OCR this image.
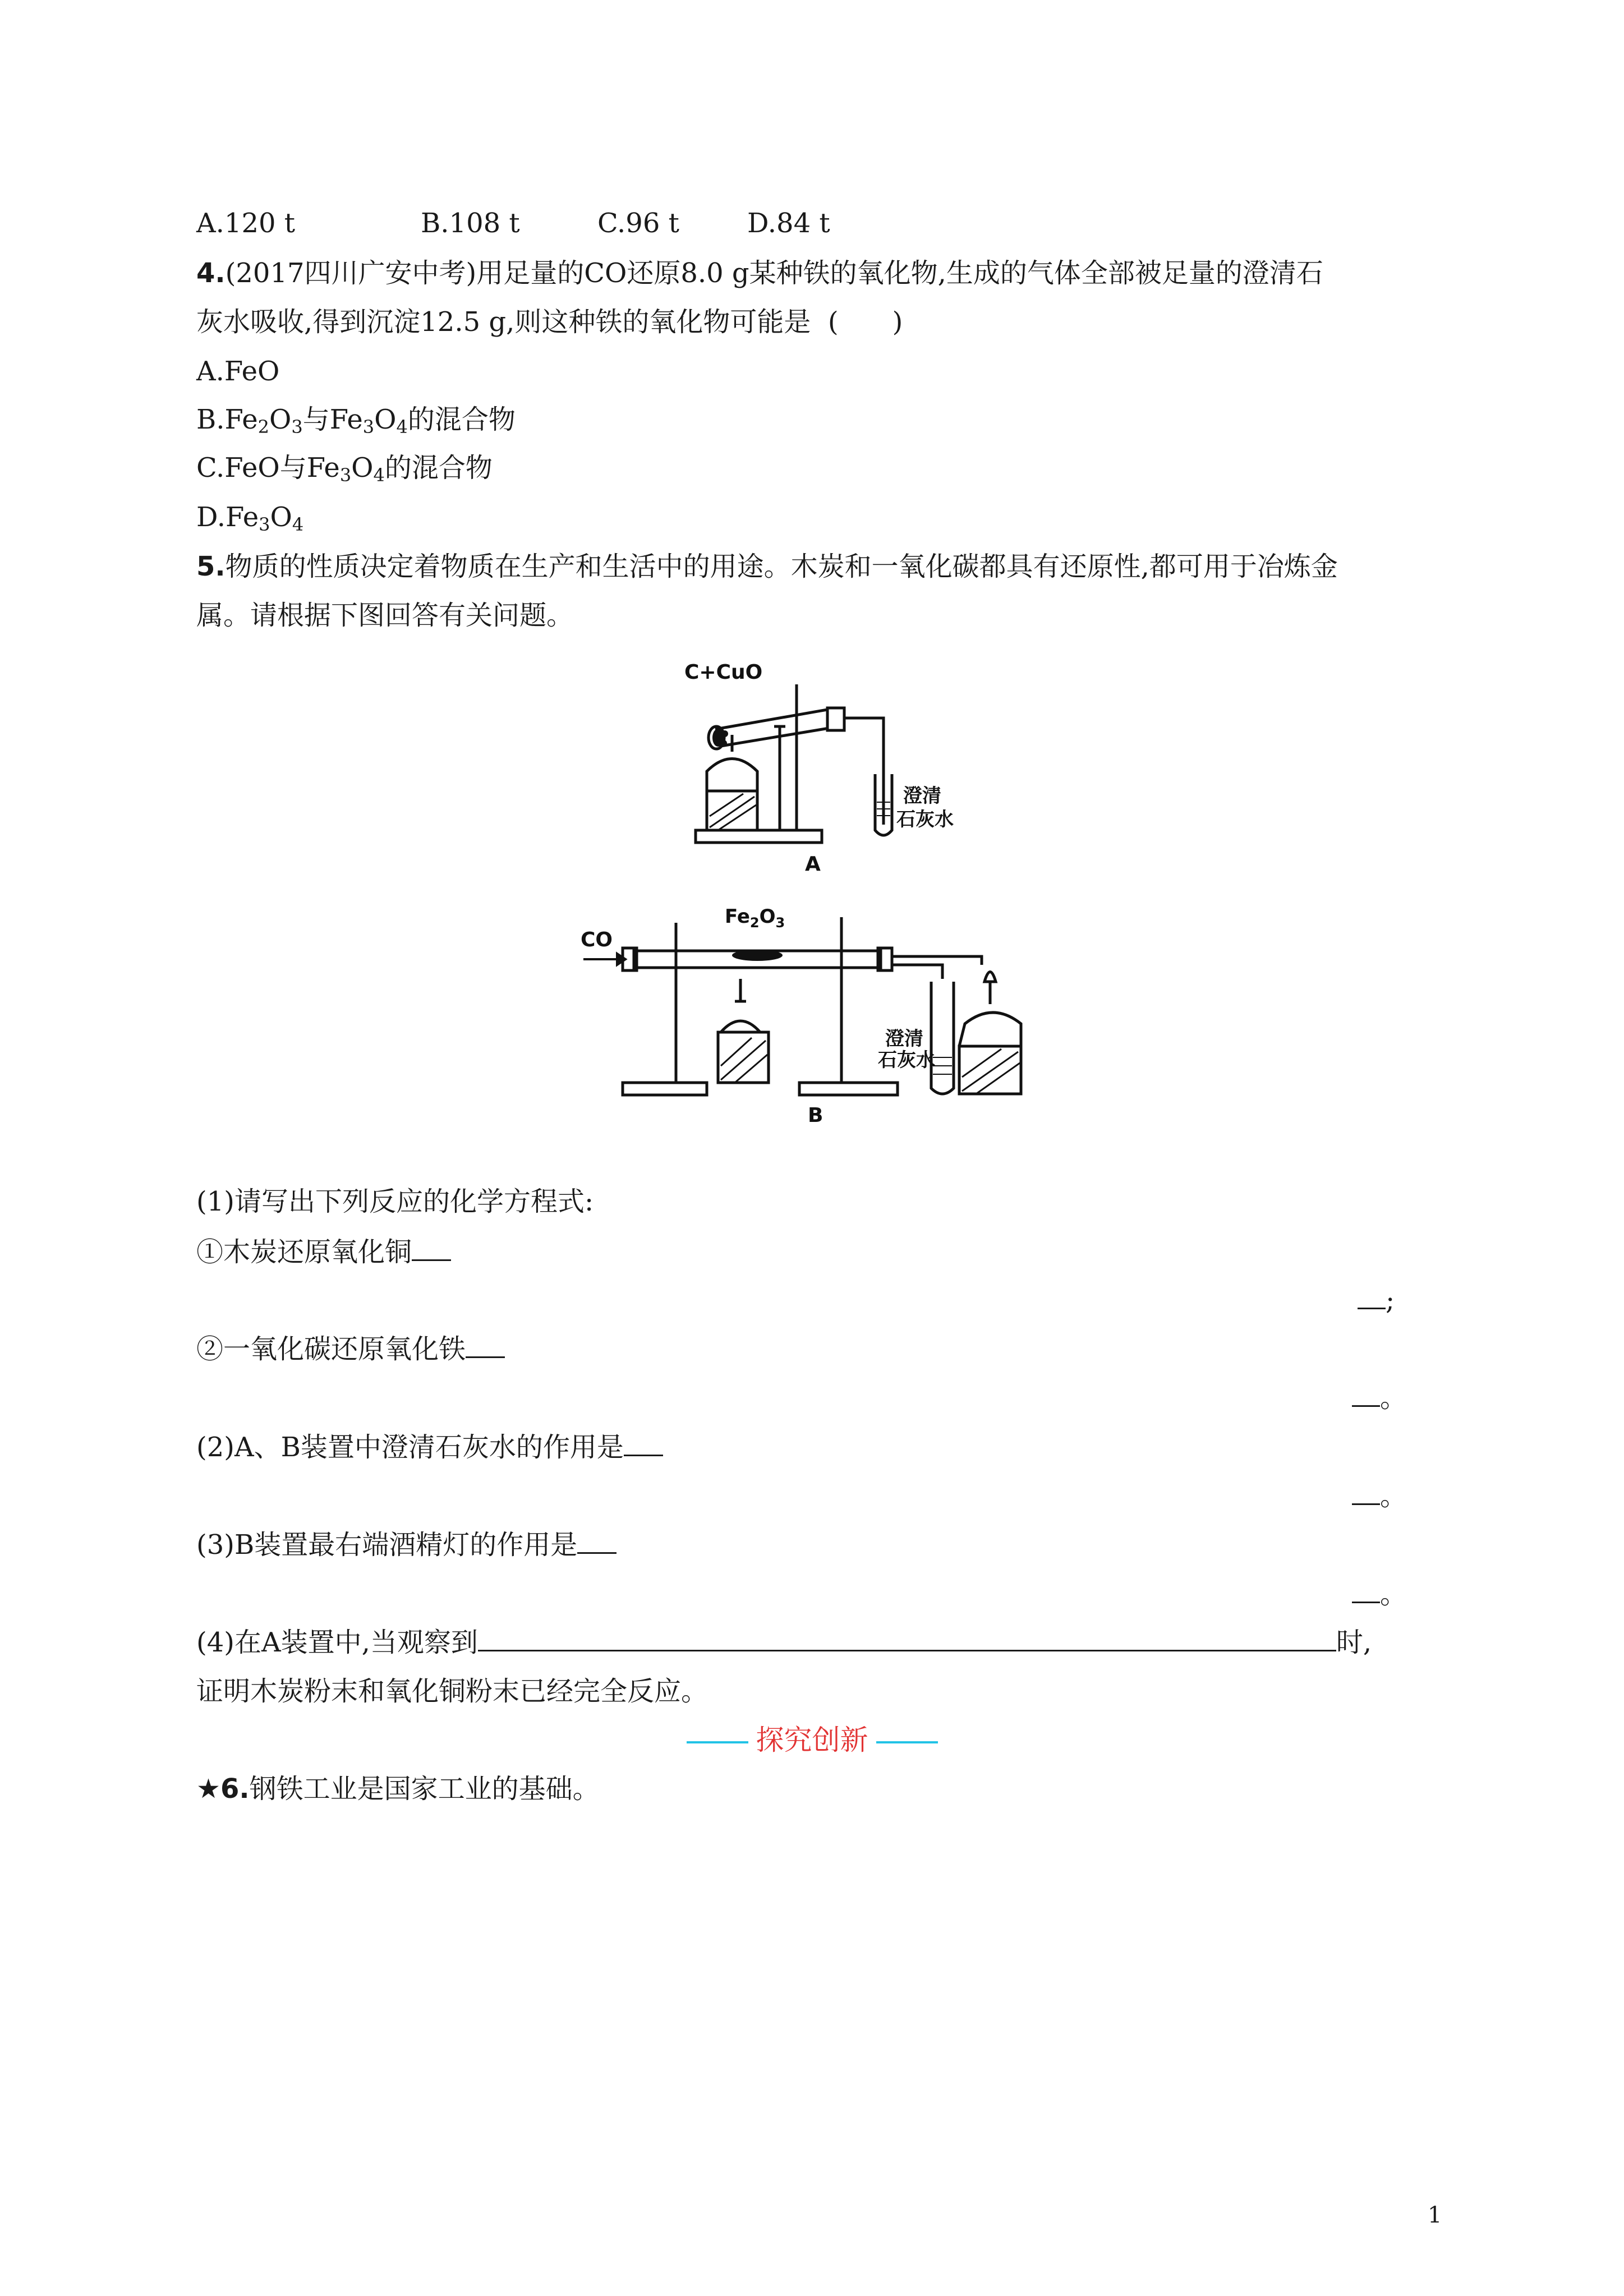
A.120 t	B.108 t	C.96 t	D.84 t
4.(2017四川广安中考)用足量的CO还原8.0 g某种铁的氧化物,生成的气体全部被足量的澄清石
灰水吸收,得到沉淀12.5 g,则这种铁的氧化物可能是 (　　)
A.FeO
$B.Fe_2O_3$与$Fe_3O_4$的混合物
C.FeO与$Fe_3O_4$的混合物
$D.Fe_3O_4$
5.物质的性质决定着物质在生产和生活中的用途。木炭和一氧化碳都具有还原性,都可用于冶炼金
属。请根据下图回答有关问题。
C+CuO
澄清
石灰水
A
CO
$Fe_2O_3$
澄清
石灰水
B
(1)请写出下列反应的化学方程式:
①木炭还原氧化铜
;
②一氧化碳还原氧化铁
。
(2)A、B装置中澄清石灰水的作用是
。
(3)B装置最右端酒精灯的作用是
。
(4)在A装置中,当观察到	时,
证明木炭粉末和氧化铜粉末已经完全反应。
探究创新
★6.钢铁工业是国家工业的基础。
1
